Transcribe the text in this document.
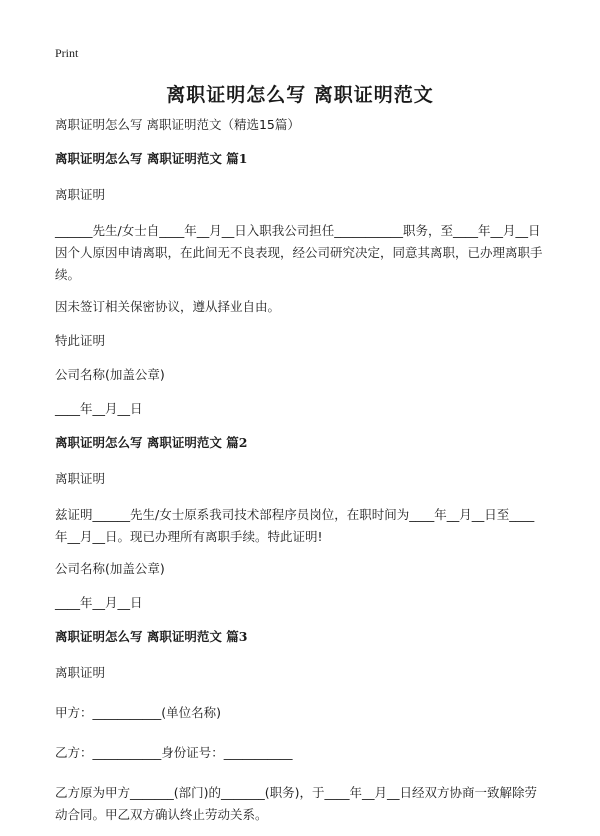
Print
离职证明怎么写 离职证明范文

离职证明怎么写 离职证明范文（精选15篇）

离职证明怎么写 离职证明范文 篇1

离职证明

______先生/女士自____年__月__日入职我公司担任___________职务，至____年__月__日因个人原因申请离职，在此间无不良表现，经公司研究决定，同意其离职，已办理离职手续。

因未签订相关保密协议，遵从择业自由。

特此证明

公司名称(加盖公章)

____年__月__日

离职证明怎么写 离职证明范文 篇2

离职证明

兹证明______先生/女士原系我司技术部程序员岗位，在职时间为____年__月__日至____年__月__日。现已办理所有离职手续。特此证明!

公司名称(加盖公章)

____年__月__日

离职证明怎么写 离职证明范文 篇3

离职证明

甲方：___________(单位名称)

乙方：___________身份证号：___________

乙方原为甲方_______(部门)的_______(职务)，于____年__月__日经双方协商一致解除劳动合同。甲乙双方确认终止劳动关系。
